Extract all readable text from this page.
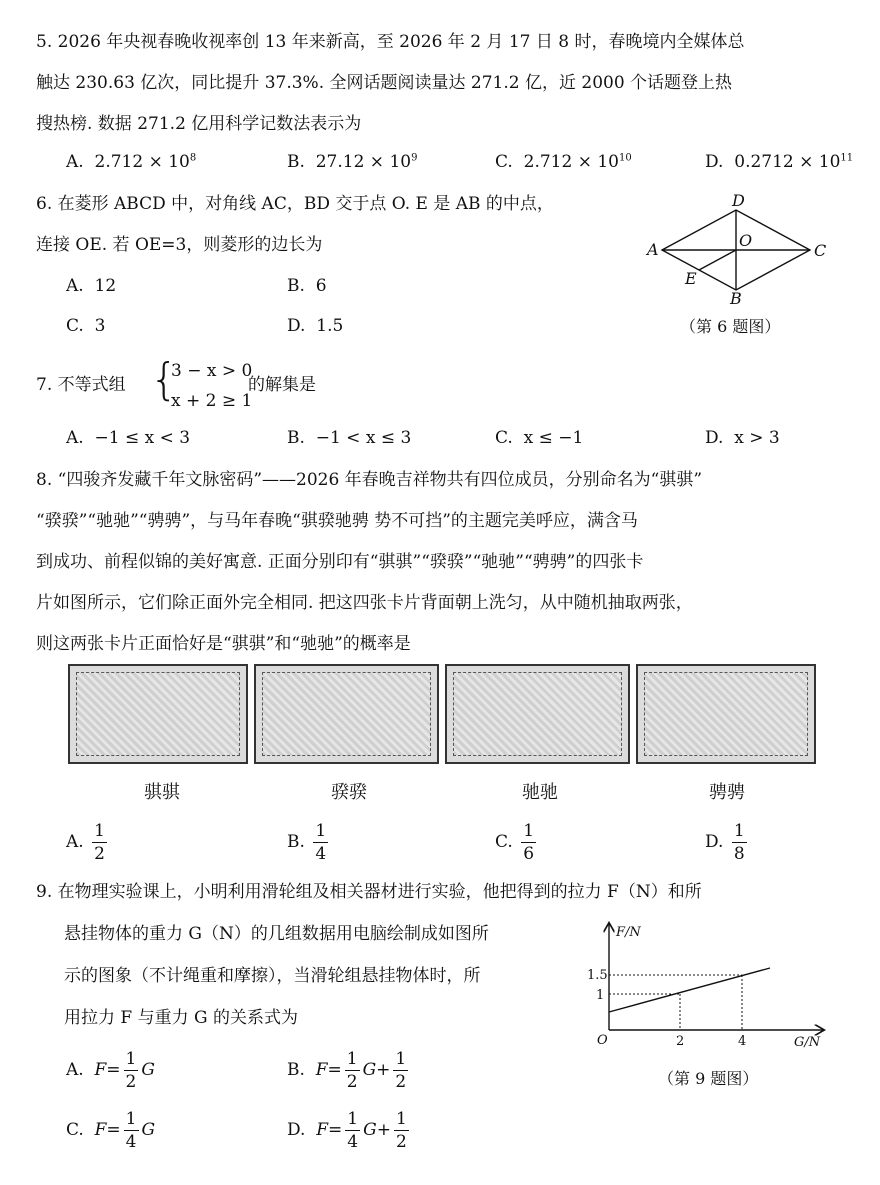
5. 2026 年央视春晚收视率创 13 年来新高，至 2026 年 2 月 17 日 8 时，春晚境内全媒体总
触达 230.63 亿次，同比提升 37.3%. 全网话题阅读量达 271.2 亿，近 2000 个话题登上热
搜热榜. 数据 271.2 亿用科学记数法表示为
A. $2.712 \times 10^8$	B. $27.12 \times 10^9$	C. $2.712 \times 10^{10}$	D. $0.2712 \times 10^{11}$
6. 在菱形 ABCD 中，对角线 AC，BD 交于点 O. E 是 AB 的中点，
连接 OE. 若 OE=3，则菱形的边长为
A. 12	B. 6
C. 3	D. 1.5
D
A	C
O
E
B
（第 6 题图）
7. 不等式组 {
3 − x > 0
x + 2 ≥ 1
的解集是
A. −1 ≤ x < 3	B. −1 < x ≤ 3	C. x ≤ −1	D. x > 3
8. “四骏齐发藏千年文脉密码”——2026 年春晚吉祥物共有四位成员，分别命名为“骐骐”
“骙骙”“驰驰”“骋骋”，与马年春晚“骐骙驰骋 势不可挡”的主题完美呼应，满含马
到成功、前程似锦的美好寓意. 正面分别印有“骐骐”“骙骙”“驰驰”“骋骋”的四张卡
片如图所示，它们除正面外完全相同. 把这四张卡片背面朝上洗匀，从中随机抽取两张，
则这两张卡片正面恰好是“骐骐”和“驰驰”的概率是
骐骐	骙骙	驰驰	骋骋
A. $\frac{1}{2}$	B. $\frac{1}{4}$	C. $\frac{1}{6}$	D. $\frac{1}{8}$
9. 在物理实验课上，小明利用滑轮组及相关器材进行实验，他把得到的拉力 F（N）和所
悬挂物体的重力 G（N）的几组数据用电脑绘制成如图所
示的图象（不计绳重和摩擦），当滑轮组悬挂物体时，所
用拉力 F 与重力 G 的关系式为
A. $F= \frac{1}{2}$ G	B. $F= \frac{1}{2} G+ \frac{1}{2}$
C. $F= \frac{1}{4}$ G	D. $F= \frac{1}{4} G+ \frac{1}{2}$
F/N
G/N
O
1.5
1
2	4
（第 9 题图）
